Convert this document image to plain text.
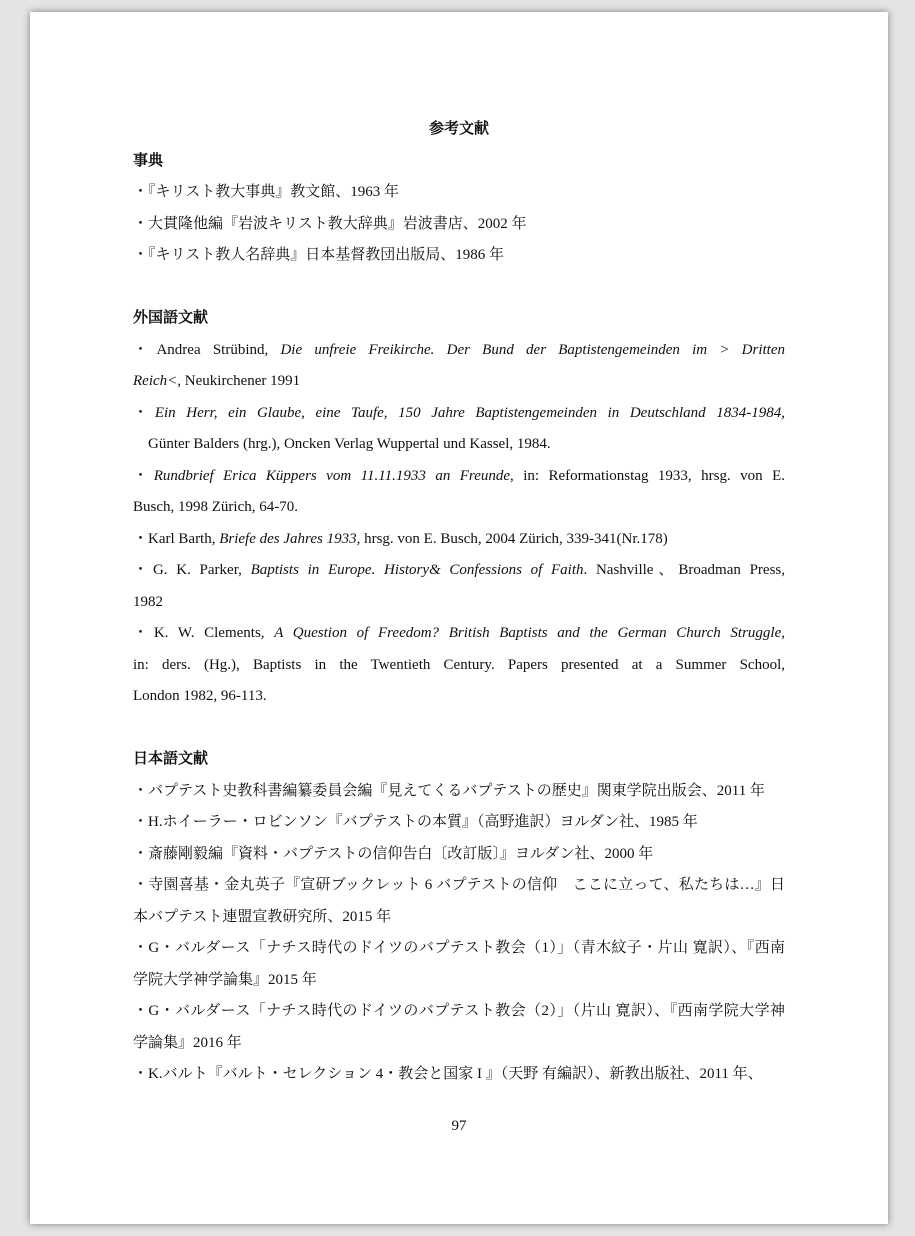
参考文献
事典
・『キリスト教大事典』教文館、1963 年
・大貫隆他編『岩波キリスト教大辞典』岩波書店、2002 年
・『キリスト教人名辞典』日本基督教団出版局、1986 年
外国語文献
・Andrea Strübind, Die unfreie Freikirche. Der Bund der Baptistengemeinden im > Dritten
Reich<, Neukirchener 1991
・Ein Herr, ein Glaube, eine Taufe, 150 Jahre Baptistengemeinden in Deutschland 1834-1984,
Günter Balders (hrg.), Oncken Verlag Wuppertal und Kassel, 1984.
・Rundbrief Erica Küppers vom 11.11.1933 an Freunde, in: Reformationstag 1933, hrsg. von E.
Busch, 1998 Zürich, 64-70.
・Karl Barth, Briefe des Jahres 1933, hrsg. von E. Busch, 2004 Zürich, 339-341(Nr.178)
・G. K. Parker, Baptists in Europe. History& Confessions of Faith. Nashville、Broadman Press,
1982
・K. W. Clements, A Question of Freedom? British Baptists and the German Church Struggle,
in: ders. (Hg.), Baptists in the Twentieth Century. Papers presented at a Summer School,
London 1982, 96-113.
日本語文献
・バプテスト史教科書編纂委員会編『見えてくるバプテストの歴史』関東学院出版会、2011 年
・H.ホイーラー・ロビンソン『バプテストの本質』（高野進訳）ヨルダン社、1985 年
・斎藤剛毅編『資料・バプテストの信仰告白〔改訂版〕』ヨルダン社、2000 年
・寺園喜基・金丸英子『宣研ブックレット 6 バプテストの信仰　ここに立って、私たちは…』日
本バプテスト連盟宣教研究所、2015 年
・G・バルダース「ナチス時代のドイツのバプテスト教会（1）」（青木紋子・片山 寛訳）、『西南
学院大学神学論集』2015 年
・G・バルダース「ナチス時代のドイツのバプテスト教会（2）」（片山 寛訳）、『西南学院大学神
学論集』2016 年
・K.バルト『バルト・セレクション 4・教会と国家 I 』（天野 有編訳）、新教出版社、2011 年、
97
